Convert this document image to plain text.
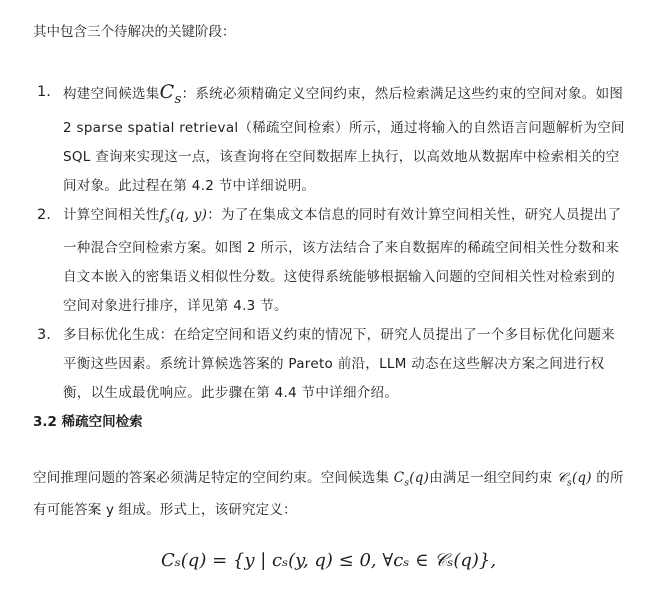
其中包含三个待解决的关键阶段：
1. 构建空间候选集$C_s$：系统必须精确定义空间约束，然后检索满足这些约束的空间对象。如图 2 sparse spatial retrieval（稀疏空间检索）所示，通过将输入的自然语言问题解析为空间 SQL 查询来实现这一点，该查询将在空间数据库上执行，以高效地从数据库中检索相关的空间对象。此过程在第 4.2 节中详细说明。
2. 计算空间相关性$f_s(q$, y)：为了在集成文本信息的同时有效计算空间相关性，研究人员提出了一种混合空间检索方案。如图 2 所示，该方法结合了来自数据库的稀疏空间相关性分数和来自文本嵌入的密集语义相似性分数。这使得系统能够根据输入问题的空间相关性对检索到的空间对象进行排序，详见第 4.3 节。
3. 多目标优化生成：在给定空间和语义约束的情况下，研究人员提出了一个多目标优化问题来平衡这些因素。系统计算候选答案的 Pareto 前沿，LLM 动态在这些解决方案之间进行权衡，以生成最优响应。此步骤在第 4.4 节中详细介绍。
3.2 稀疏空间检索
空间推理问题的答案必须满足特定的空间约束。空间候选集 $C_s(q)$由满足一组空间约束 𝒞$_s$(q) 的所有可能答案 y 组成。形式上，该研究定义：
Cₛ(q) = {y | cₛ(y, q) ≤ 0, ∀cₛ ∈ 𝒞ₛ(q)},
